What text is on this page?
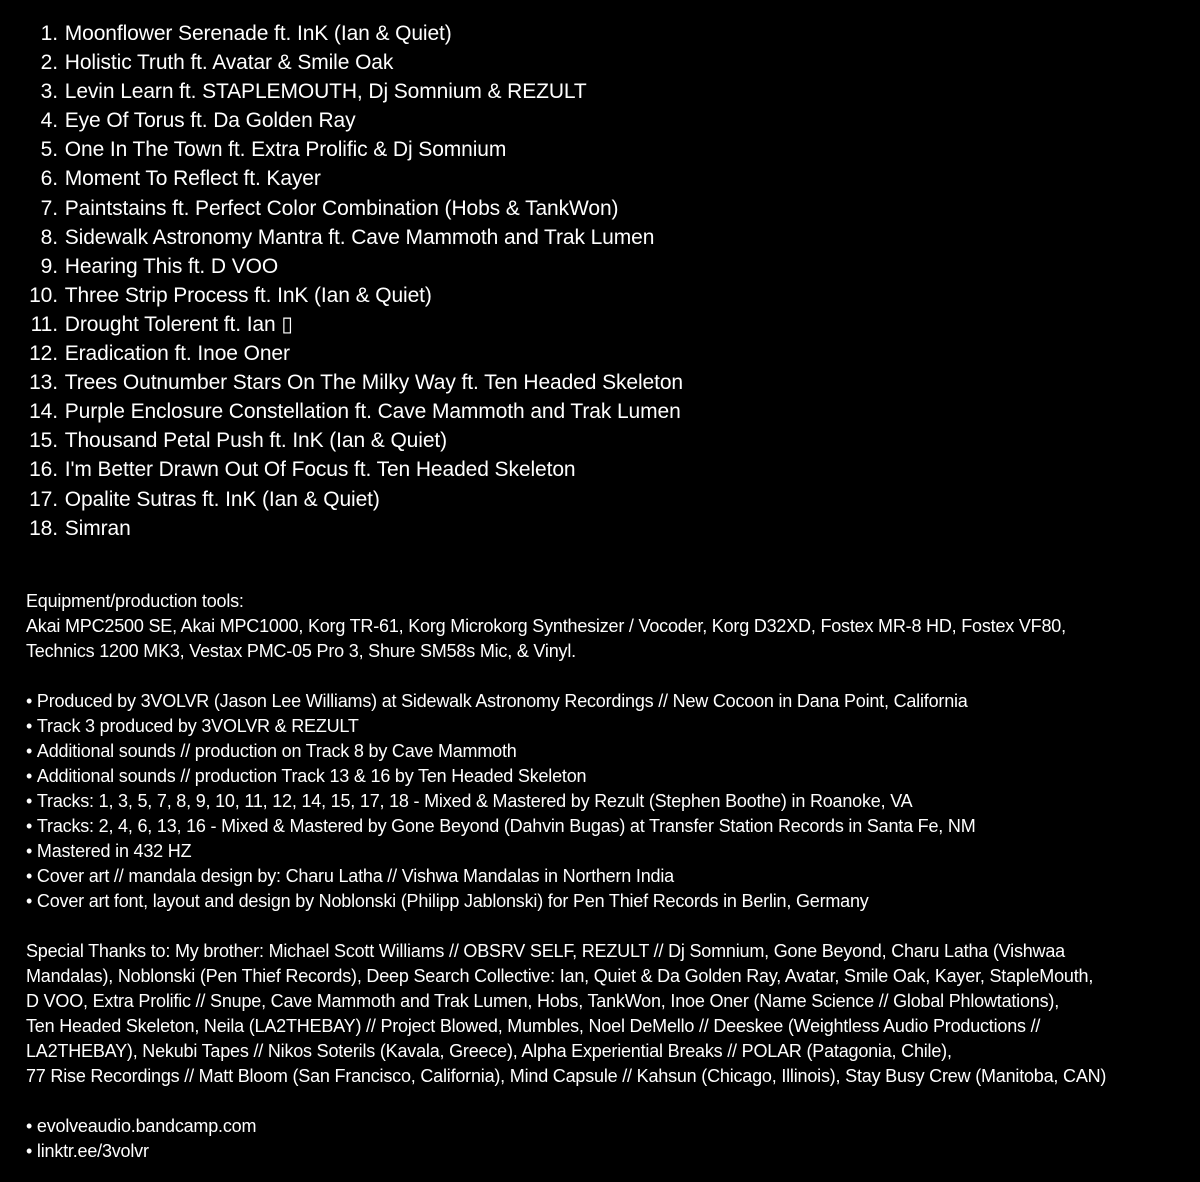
1. Moonflower Serenade ft. InK (Ian & Quiet)
2. Holistic Truth ft. Avatar & Smile Oak
3. Levin Learn ft. STAPLEMOUTH, Dj Somnium & REZULT
4. Eye Of Torus ft. Da Golden Ray
5. One In The Town ft. Extra Prolific & Dj Somnium
6. Moment To Reflect ft. Kayer
7. Paintstains ft. Perfect Color Combination (Hobs & TankWon)
8. Sidewalk Astronomy Mantra ft. Cave Mammoth and Trak Lumen
9. Hearing This ft. D VOO
10. Three Strip Process ft. InK (Ian & Quiet)
11. Drought Tolerent ft. Ian ▯
12. Eradication ft. Inoe Oner
13. Trees Outnumber Stars On The Milky Way ft. Ten Headed Skeleton
14. Purple Enclosure Constellation ft. Cave Mammoth and Trak Lumen
15. Thousand Petal Push ft. InK (Ian & Quiet)
16. I'm Better Drawn Out Of Focus ft. Ten Headed Skeleton
17. Opalite Sutras ft. InK (Ian & Quiet)
18. Simran
Equipment/production tools:
Akai MPC2500 SE, Akai MPC1000, Korg TR-61, Korg Microkorg Synthesizer / Vocoder, Korg D32XD, Fostex MR-8 HD, Fostex VF80,
Technics 1200 MK3, Vestax PMC-05 Pro 3, Shure SM58s Mic, & Vinyl.
• Produced by 3VOLVR (Jason Lee Williams) at Sidewalk Astronomy Recordings // New Cocoon in Dana Point, California
• Track 3 produced by 3VOLVR & REZULT
• Additional sounds // production on Track 8 by Cave Mammoth
• Additional sounds // production Track 13 & 16 by Ten Headed Skeleton
• Tracks: 1, 3, 5, 7, 8, 9, 10, 11, 12, 14, 15, 17, 18 - Mixed & Mastered by Rezult (Stephen Boothe) in Roanoke, VA
• Tracks: 2, 4, 6, 13, 16 - Mixed & Mastered by Gone Beyond (Dahvin Bugas) at Transfer Station Records in Santa Fe, NM
• Mastered in 432 HZ
• Cover art // mandala design by: Charu Latha // Vishwa Mandalas in Northern India
• Cover art font, layout and design by Noblonski (Philipp Jablonski) for Pen Thief Records in Berlin, Germany
Special Thanks to: My brother: Michael Scott Williams // OBSRV SELF, REZULT // Dj Somnium, Gone Beyond, Charu Latha (Vishwaa
Mandalas), Noblonski (Pen Thief Records), Deep Search Collective: Ian, Quiet & Da Golden Ray, Avatar, Smile Oak, Kayer, StapleMouth,
D VOO, Extra Prolific // Snupe, Cave Mammoth and Trak Lumen, Hobs, TankWon, Inoe Oner (Name Science // Global Phlowtations),
Ten Headed Skeleton, Neila (LA2THEBAY) // Project Blowed, Mumbles, Noel DeMello // Deeskee (Weightless Audio Productions //
LA2THEBAY), Nekubi Tapes // Nikos Soterils (Kavala, Greece), Alpha Experiential Breaks // POLAR (Patagonia, Chile),
77 Rise Recordings // Matt Bloom (San Francisco, California), Mind Capsule // Kahsun (Chicago, Illinois), Stay Busy Crew (Manitoba, CAN)
• evolveaudio.bandcamp.com
• linktr.ee/3volvr
